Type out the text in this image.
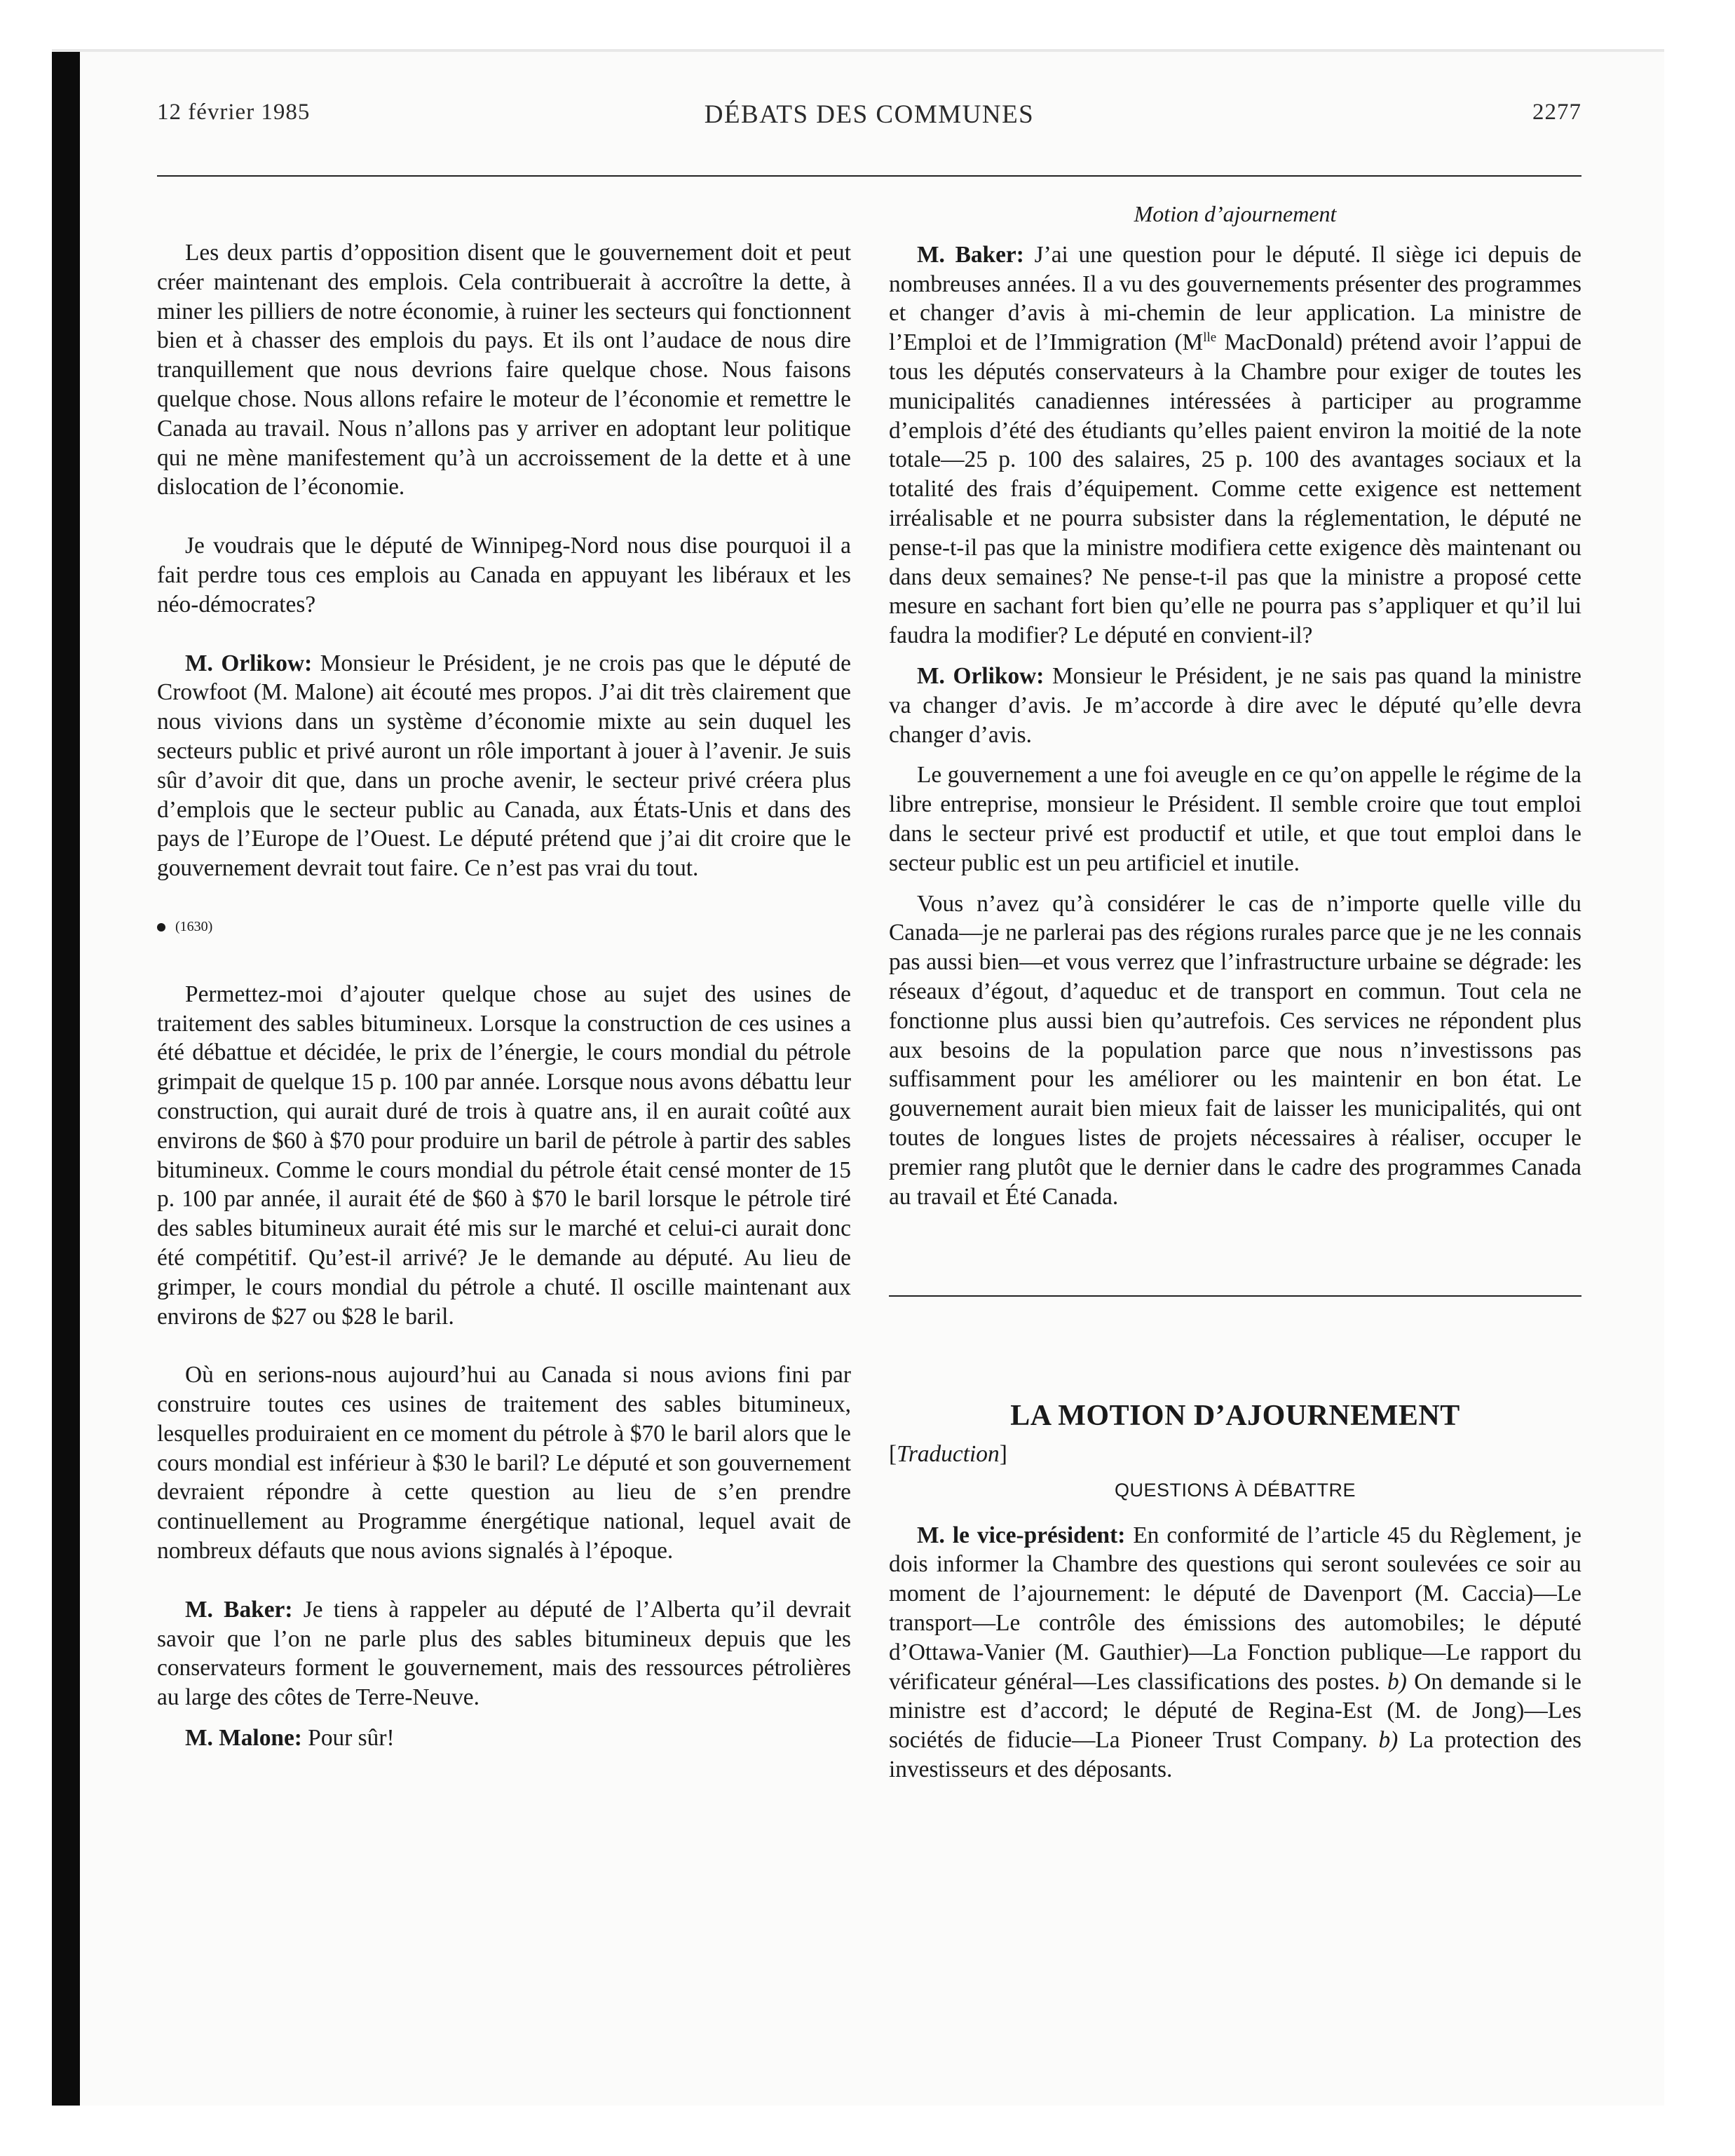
12 février 1985	DÉBATS DES COMMUNES	2277

Les deux partis d’opposition disent que le gouvernement doit et peut créer maintenant des emplois. Cela contribuerait à accroître la dette, à miner les pilliers de notre économie, à ruiner les secteurs qui fonctionnent bien et à chasser des emplois du pays. Et ils ont l’audace de nous dire tranquillement que nous devrions faire quelque chose. Nous faisons quelque chose. Nous allons refaire le moteur de l’économie et remettre le Canada au travail. Nous n’allons pas y arriver en adoptant leur politique qui ne mène manifestement qu’à un accroissement de la dette et à une dislocation de l’économie.

Je voudrais que le député de Winnipeg-Nord nous dise pourquoi il a fait perdre tous ces emplois au Canada en appuyant les libéraux et les néo-démocrates?

M. Orlikow: Monsieur le Président, je ne crois pas que le député de Crowfoot (M. Malone) ait écouté mes propos. J’ai dit très clairement que nous vivions dans un système d’économie mixte au sein duquel les secteurs public et privé auront un rôle important à jouer à l’avenir. Je suis sûr d’avoir dit que, dans un proche avenir, le secteur privé créera plus d’emplois que le secteur public au Canada, aux États-Unis et dans des pays de l’Europe de l’Ouest. Le député prétend que j’ai dit croire que le gouvernement devrait tout faire. Ce n’est pas vrai du tout.

(1630)

Permettez-moi d’ajouter quelque chose au sujet des usines de traitement des sables bitumineux. Lorsque la construction de ces usines a été débattue et décidée, le prix de l’énergie, le cours mondial du pétrole grimpait de quelque 15 p. 100 par année. Lorsque nous avons débattu leur construction, qui aurait duré de trois à quatre ans, il en aurait coûté aux environs de $60 à $70 pour produire un baril de pétrole à partir des sables bitumineux. Comme le cours mondial du pétrole était censé monter de 15 p. 100 par année, il aurait été de $60 à $70 le baril lorsque le pétrole tiré des sables bitumineux aurait été mis sur le marché et celui-ci aurait donc été compétitif. Qu’est-il arrivé? Je le demande au député. Au lieu de grimper, le cours mondial du pétrole a chuté. Il oscille maintenant aux environs de $27 ou $28 le baril.

Où en serions-nous aujourd’hui au Canada si nous avions fini par construire toutes ces usines de traitement des sables bitumineux, lesquelles produiraient en ce moment du pétrole à $70 le baril alors que le cours mondial est inférieur à $30 le baril? Le député et son gouvernement devraient répondre à cette question au lieu de s’en prendre continuellement au Programme énergétique national, lequel avait de nombreux défauts que nous avions signalés à l’époque.

M. Baker: Je tiens à rappeler au député de l’Alberta qu’il devrait savoir que l’on ne parle plus des sables bitumineux depuis que les conservateurs forment le gouvernement, mais des ressources pétrolières au large des côtes de Terre-Neuve.

M. Malone: Pour sûr!

Motion d’ajournement

M. Baker: J’ai une question pour le député. Il siège ici depuis de nombreuses années. Il a vu des gouvernements présenter des programmes et changer d’avis à mi-chemin de leur application. La ministre de l’Emploi et de l’Immigration ($M^{lle}$ MacDonald) prétend avoir l’appui de tous les députés conservateurs à la Chambre pour exiger de toutes les municipalités canadiennes intéressées à participer au programme d’emplois d’été des étudiants qu’elles paient environ la moitié de la note totale—25 p. 100 des salaires, 25 p. 100 des avantages sociaux et la totalité des frais d’équipement. Comme cette exigence est nettement irréalisable et ne pourra subsister dans la réglementation, le député ne pense-t-il pas que la ministre modifiera cette exigence dès maintenant ou dans deux semaines? Ne pense-t-il pas que la ministre a proposé cette mesure en sachant fort bien qu’elle ne pourra pas s’appliquer et qu’il lui faudra la modifier? Le député en convient-il?

M. Orlikow: Monsieur le Président, je ne sais pas quand la ministre va changer d’avis. Je m’accorde à dire avec le député qu’elle devra changer d’avis.

Le gouvernement a une foi aveugle en ce qu’on appelle le régime de la libre entreprise, monsieur le Président. Il semble croire que tout emploi dans le secteur privé est productif et utile, et que tout emploi dans le secteur public est un peu artificiel et inutile.

Vous n’avez qu’à considérer le cas de n’importe quelle ville du Canada—je ne parlerai pas des régions rurales parce que je ne les connais pas aussi bien—et vous verrez que l’infrastructure urbaine se dégrade: les réseaux d’égout, d’aqueduc et de transport en commun. Tout cela ne fonctionne plus aussi bien qu’autrefois. Ces services ne répondent plus aux besoins de la population parce que nous n’investissons pas suffisamment pour les améliorer ou les maintenir en bon état. Le gouvernement aurait bien mieux fait de laisser les municipalités, qui ont toutes de longues listes de projets nécessaires à réaliser, occuper le premier rang plutôt que le dernier dans le cadre des programmes Canada au travail et Été Canada.

LA MOTION D’AJOURNEMENT
[Traduction]
QUESTIONS À DÉBATTRE

M. le vice-président: En conformité de l’article 45 du Règlement, je dois informer la Chambre des questions qui seront soulevées ce soir au moment de l’ajournement: le député de Davenport (M. Caccia)—Le transport—Le contrôle des émissions des automobiles; le député d’Ottawa-Vanier (M. Gauthier)—La Fonction publique—Le rapport du vérificateur général—Les classifications des postes. b) On demande si le ministre est d’accord; le député de Regina-Est (M. de Jong)—Les sociétés de fiducie—La Pioneer Trust Company. b) La protection des investisseurs et des déposants.
